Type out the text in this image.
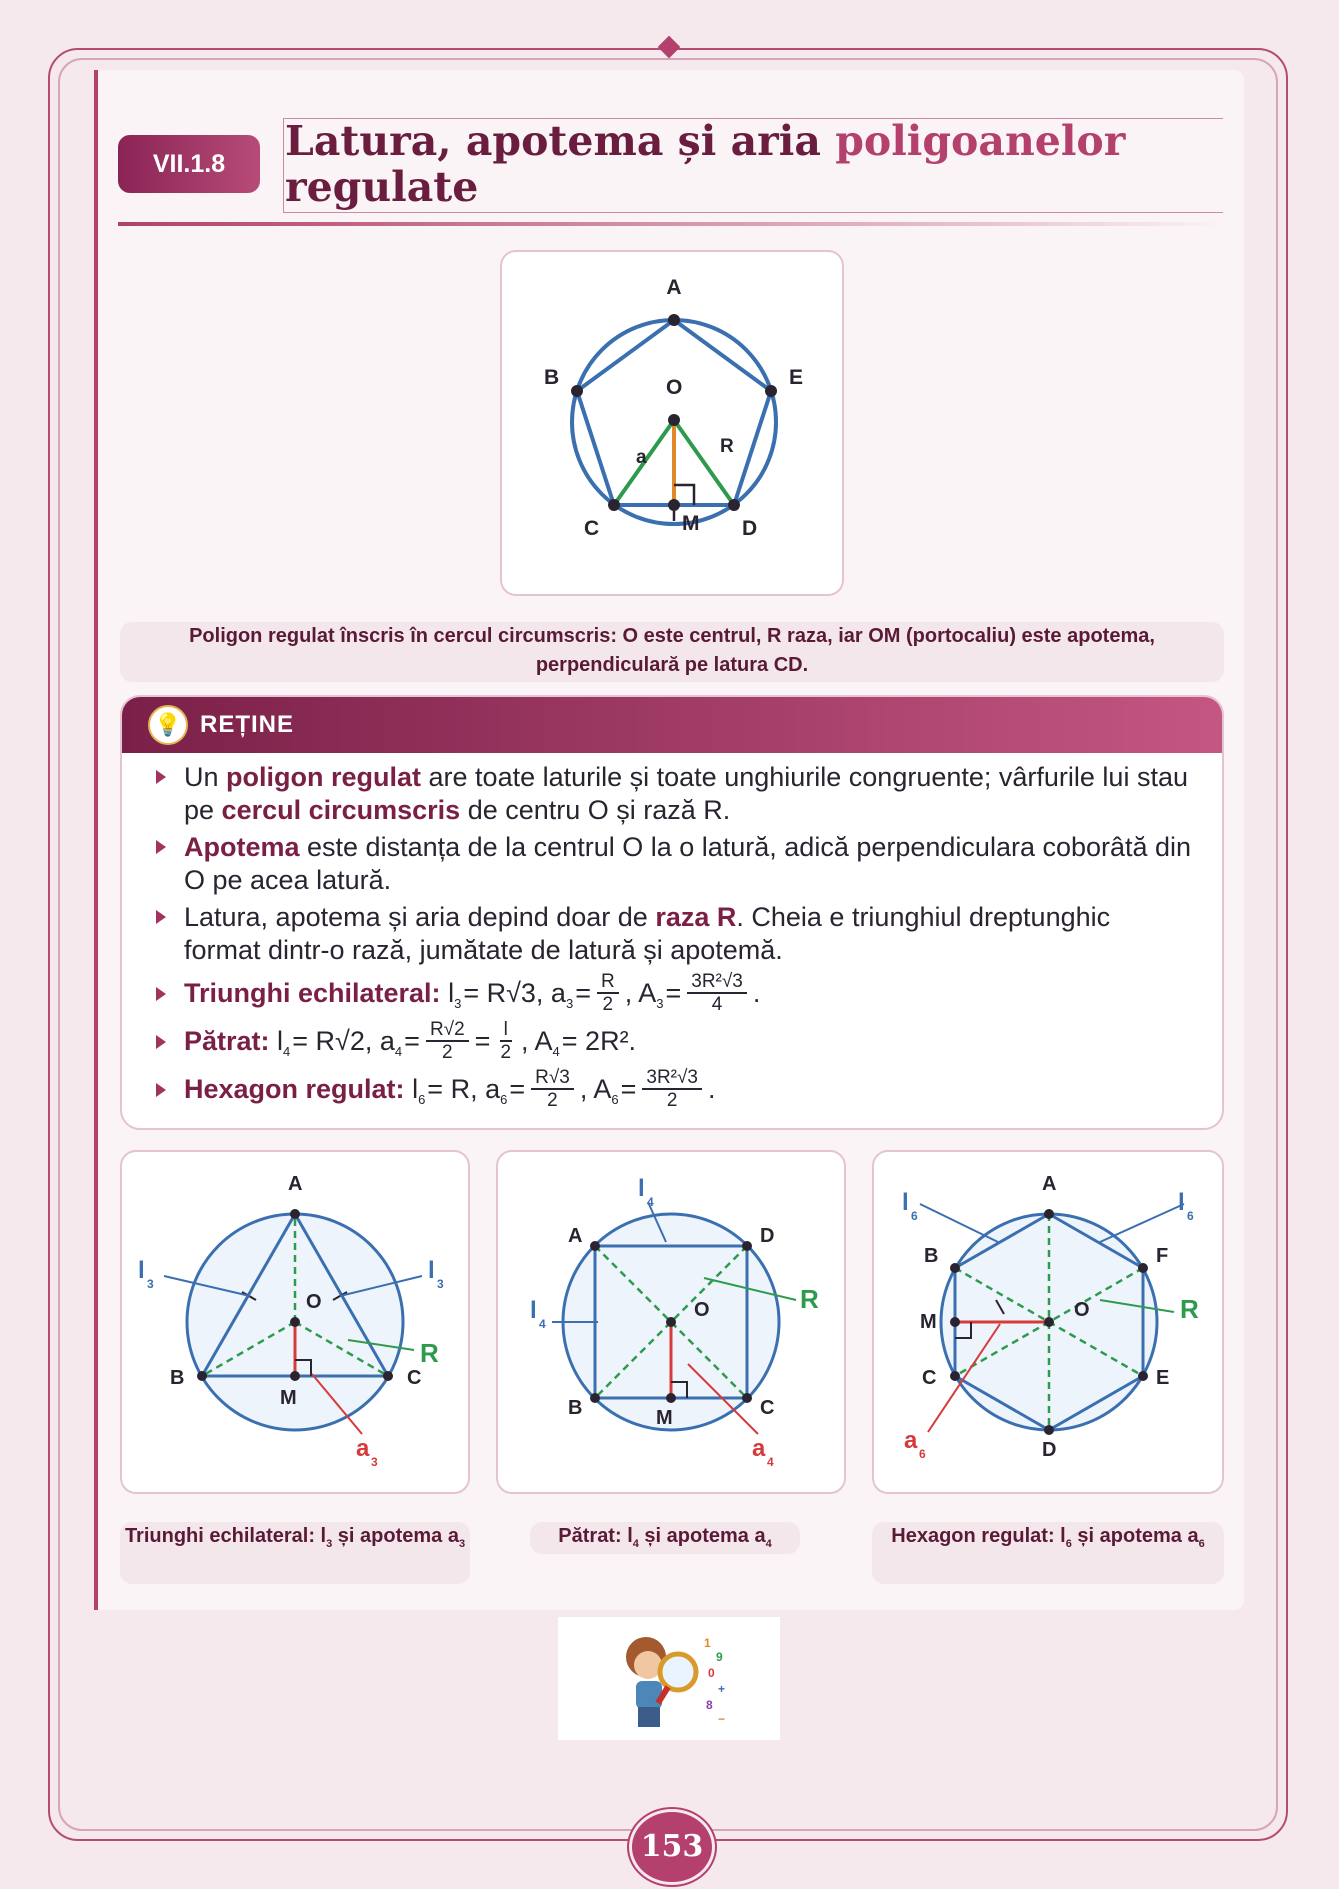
VII.1.8	Latura, apotema și aria poligoanelor regulate
A
B	E
O
C	D
M
R
a
Poligon regulat înscris în cercul circumscris: O este centrul, R raza, iar OM (portocaliu) este apotema, perpendiculară pe latura CD.
💡 REȚINE
Un poligon regulat are toate laturile și toate unghiurile congruente; vârfurile lui stau pe cercul circumscris de centru O și rază R.
Apotema este distanța de la centrul O la o latură, adică perpendiculara coborâtă din O pe acea latură.
Latura, apotema și aria depind doar de raza R. Cheia e triunghiul dreptunghic format dintr-o rază, jumătate de latură și apotemă.
Triunghi echilateral:
l 3 = R√3 , a $3 = \frac{R}{2}$ , A $3 = \frac{\text{3R²√3}}{4}$ .
Pătrat:
l 4 = R√2 , a $4 = \frac{R√2}{2} = \frac{l}{2}$ , A 4 = 2R².
Hexagon regulat:
l 6 = R, a $6 = \frac{R√3}{2}$ , A $6 = \frac{\text{3R²√3}}{2}$ .
A
B	C
O
M
l 3	l 3
R
a 3
A	D
B	C
O
M
l 4
l 4
R
a 4
A
B	F
C	E
D
O
M
l 6	l 6
R
a 6
Triunghi echilateral: $l_3$ și apotema $a_3$	Pătrat: $l_4$ și apotema $a_4$	Hexagon regulat: $l_6$ și apotema $a_6$
1
9
0
+
8
−
153
